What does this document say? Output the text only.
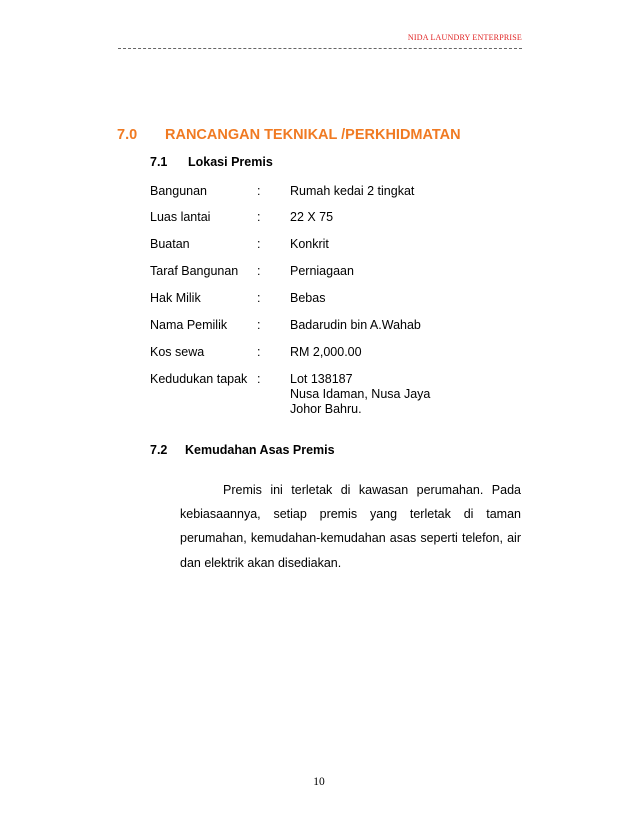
NIDA LAUNDRY ENTERPRISE
7.0 RANCANGAN TEKNIKAL /PERKHIDMATAN
7.1 Lokasi Premis
Bangunan	: Rumah kedai 2 tingkat
Luas lantai	: 22 X 75
Buatan	: Konkrit
Taraf Bangunan : Perniagaan
Hak Milik	: Bebas
Nama Pemilik : Badarudin bin A.Wahab
Kos sewa	: RM 2,000.00
Kedudukan tapak : Lot 138187
Nusa Idaman, Nusa Jaya
Johor Bahru.
7.2 Kemudahan Asas Premis
Premis ini terletak di kawasan perumahan. Pada kebiasaannya, setiap premis yang terletak di taman perumahan, kemudahan-kemudahan asas seperti telefon, air dan elektrik akan disediakan.
10
